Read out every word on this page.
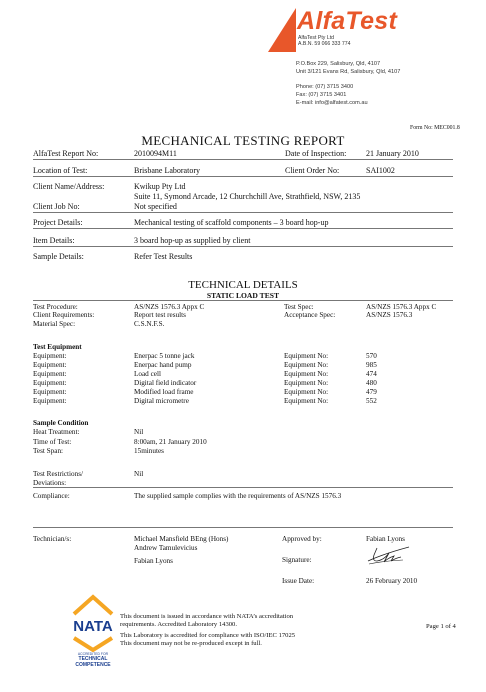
AlfaTest
AlfaTest Pty Ltd
A.B.N. 59 066 333 774
P.O.Box 229, Salisbury, Qld, 4107
Unit 3/121 Evans Rd, Salisbury, Qld, 4107
Phone: (07) 3715 3400
Fax: (07) 3715 3401
E-mail: info@alfatest.com.au
Form No: MEC001.8
MECHANICAL TESTING REPORT
AlfaTest Report No:	2010094M11	Date of Inspection: 21 January 2010
Location of Test:	Brisbane Laboratory	Client Order No:	SAI1002
Client Name/Address:	Kwikup Pty Ltd
Suite 11, Symond Arcade, 12 Churchchill Ave, Strathfield, NSW, 2135
Client Job No:	Not specified
Project Details:	Mechanical testing of scaffold components – 3 board hop-up
Item Details:	3 board hop-up as supplied by client
Sample Details:	Refer Test Results
TECHNICAL DETAILS
STATIC LOAD TEST
Test Procedure:	AS/NZS 1576.3 Appx C	Test Spec:	AS/NZS 1576.3 Appx C
Client Requirements:	Report test results	Acceptance Spec:	AS/NZS 1576.3
Material Spec:	C.S.N.F.S.
Test Equipment
Equipment:	Enerpac 5 tonne jack	Equipment No:	570
Equipment:	Enerpac hand pump	Equipment No:	985
Equipment:	Load cell	Equipment No:	474
Equipment:	Digital field indicator	Equipment No:	480
Equipment:	Modified load frame	Equipment No:	479
Equipment:	Digital micrometre	Equipment No:	552
Sample Condition
Heat Treatment:	Nil
Time of Test:	8:00am, 21 January 2010
Test Span:	15minutes
Test Restrictions/	Nil
Deviations:
Compliance:	The supplied sample complies with the requirements of AS/NZS 1576.3
Technician/s:	Michael Mansfield BEng (Hons)
Andrew Tamulevicius
Fabian Lyons
Approved by:	Fabian Lyons
Signature:
Issue Date:	26 February 2010
NATA
ACCREDITED FOR
TECHNICAL COMPETENCE
This document is issued in accordance with NATA’s accreditation
requirements. Accredited Laboratory 14300.
This Laboratory is accredited for compliance with ISO/IEC 17025
This document may not be re-produced except in full.
Page 1 of 4
